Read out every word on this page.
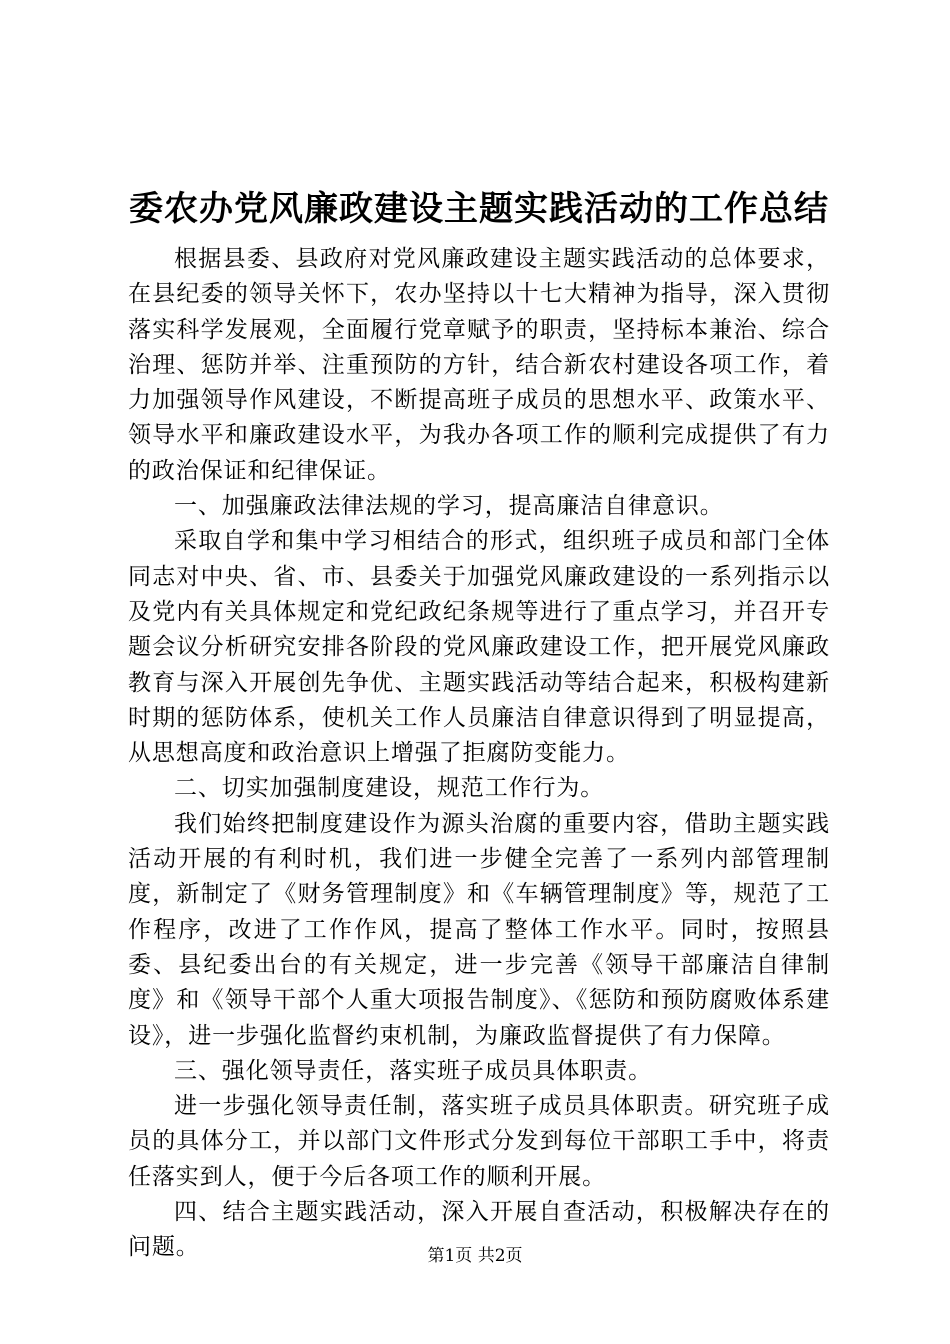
委农办党风廉政建设主题实践活动的工作总结

根据县委、县政府对党风廉政建设主题实践活动的总体要求，在县纪委的领导关怀下，农办坚持以十七大精神为指导，深入贯彻落实科学发展观，全面履行党章赋予的职责，坚持标本兼治、综合治理、惩防并举、注重预防的方针，结合新农村建设各项工作，着力加强领导作风建设，不断提高班子成员的思想水平、政策水平、领导水平和廉政建设水平，为我办各项工作的顺利完成提供了有力的政治保证和纪律保证。

一、加强廉政法律法规的学习，提高廉洁自律意识。

采取自学和集中学习相结合的形式，组织班子成员和部门全体同志对中央、省、市、县委关于加强党风廉政建设的一系列指示以及党内有关具体规定和党纪政纪条规等进行了重点学习，并召开专题会议分析研究安排各阶段的党风廉政建设工作，把开展党风廉政教育与深入开展创先争优、主题实践活动等结合起来，积极构建新时期的惩防体系，使机关工作人员廉洁自律意识得到了明显提高，从思想高度和政治意识上增强了拒腐防变能力。

二、切实加强制度建设，规范工作行为。

我们始终把制度建设作为源头治腐的重要内容，借助主题实践活动开展的有利时机，我们进一步健全完善了一系列内部管理制度，新制定了《财务管理制度》和《车辆管理制度》等，规范了工作程序，改进了工作作风，提高了整体工作水平。同时，按照县委、县纪委出台的有关规定，进一步完善《领导干部廉洁自律制度》和《领导干部个人重大项报告制度》、《惩防和预防腐败体系建设》，进一步强化监督约束机制，为廉政监督提供了有力保障。

三、强化领导责任，落实班子成员具体职责。

进一步强化领导责任制，落实班子成员具体职责。研究班子成员的具体分工，并以部门文件形式分发到每位干部职工手中，将责任落实到人，便于今后各项工作的顺利开展。

四、结合主题实践活动，深入开展自查活动，积极解决存在的问题。	第1页 共2页
